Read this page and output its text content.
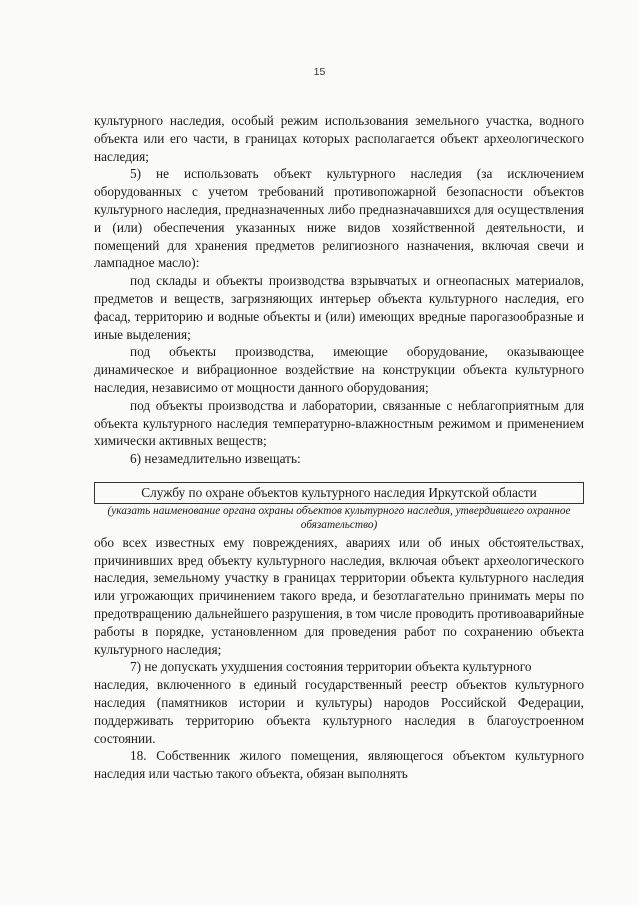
15

культурного наследия, особый режим использования земельного участка, водного объекта или его части, в границах которых располагается объект археологического наследия;

5) не использовать объект культурного наследия (за исключением оборудованных с учетом требований противопожарной безопасности объектов культурного наследия, предназначенных либо предназначавшихся для осуществления и (или) обеспечения указанных ниже видов хозяйственной деятельности, и помещений для хранения предметов религиозного назначения, включая свечи и лампадное масло):

под склады и объекты производства взрывчатых и огнеопасных материалов, предметов и веществ, загрязняющих интерьер объекта культурного наследия, его фасад, территорию и водные объекты и (или) имеющих вредные парогазообразные и иные выделения;

под объекты производства, имеющие оборудование, оказывающее динамическое и вибрационное воздействие на конструкции объекта культурного наследия, независимо от мощности данного оборудования;

под объекты производства и лаборатории, связанные с неблагоприятным для объекта культурного наследия температурно-влажностным режимом и применением химически активных веществ;

6) незамедлительно извещать:

Службу по охране объектов культурного наследия Иркутской области

(указать наименование органа охраны объектов культурного наследия, утвердившего охранное обязательство)

обо всех известных ему повреждениях, авариях или об иных обстоятельствах, причинивших вред объекту культурного наследия, включая объект археологического наследия, земельному участку в границах территории объекта культурного наследия или угрожающих причинением такого вреда, и безотлагательно принимать меры по предотвращению дальнейшего разрушения, в том числе проводить противоаварийные работы в порядке, установленном для проведения работ по сохранению объекта культурного наследия;

7) не допускать ухудшения состояния территории объекта культурного

наследия, включенного в единый государственный реестр объектов культурного наследия (памятников истории и культуры) народов Российской Федерации, поддерживать территорию объекта культурного наследия в благоустроенном состоянии.

18. Собственник жилого помещения, являющегося объектом культурного наследия или частью такого объекта, обязан выполнять
